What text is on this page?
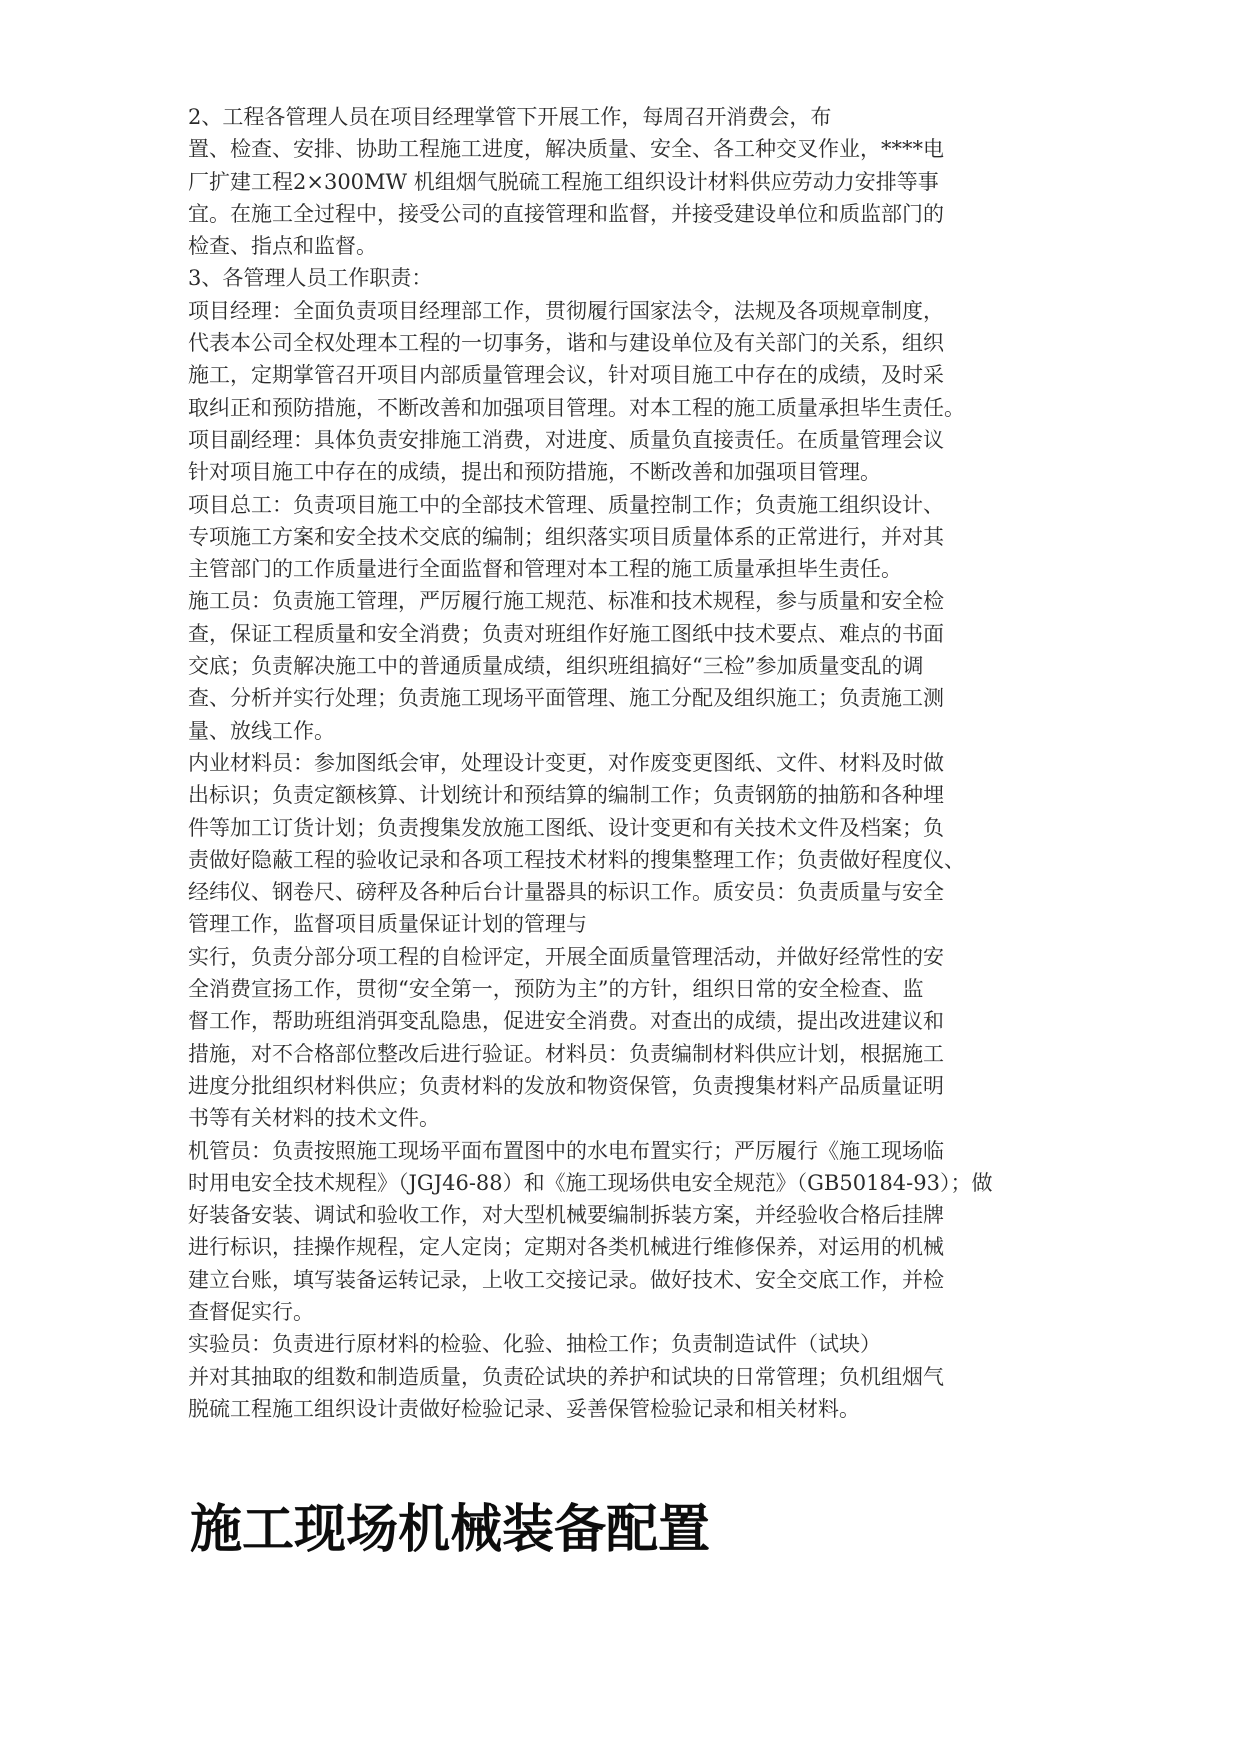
2、工程各管理人员在项目经理掌管下开展工作，每周召开消费会，布
置、检查、安排、协助工程施工进度，解决质量、安全、各工种交叉作业，****电
厂扩建工程2×300MW 机组烟气脱硫工程施工组织设计材料供应劳动力安排等事
宜。在施工全过程中，接受公司的直接管理和监督，并接受建设单位和质监部门的
检查、指点和监督。
3、各管理人员工作职责：
项目经理：全面负责项目经理部工作，贯彻履行国家法令，法规及各项规章制度，
代表本公司全权处理本工程的一切事务，谐和与建设单位及有关部门的关系，组织
施工，定期掌管召开项目内部质量管理会议，针对项目施工中存在的成绩，及时采
取纠正和预防措施，不断改善和加强项目管理。对本工程的施工质量承担毕生责任。
项目副经理：具体负责安排施工消费，对进度、质量负直接责任。在质量管理会议
针对项目施工中存在的成绩，提出和预防措施，不断改善和加强项目管理。
项目总工：负责项目施工中的全部技术管理、质量控制工作；负责施工组织设计、
专项施工方案和安全技术交底的编制；组织落实项目质量体系的正常进行，并对其
主管部门的工作质量进行全面监督和管理对本工程的施工质量承担毕生责任。
施工员：负责施工管理，严厉履行施工规范、标准和技术规程，参与质量和安全检
查，保证工程质量和安全消费；负责对班组作好施工图纸中技术要点、难点的书面
交底；负责解决施工中的普通质量成绩，组织班组搞好“三检”参加质量变乱的调
查、分析并实行处理；负责施工现场平面管理、施工分配及组织施工；负责施工测
量、放线工作。
内业材料员：参加图纸会审，处理设计变更，对作废变更图纸、文件、材料及时做
出标识；负责定额核算、计划统计和预结算的编制工作；负责钢筋的抽筋和各种埋
件等加工订货计划；负责搜集发放施工图纸、设计变更和有关技术文件及档案；负
责做好隐蔽工程的验收记录和各项工程技术材料的搜集整理工作；负责做好程度仪、
经纬仪、钢卷尺、磅秤及各种后台计量器具的标识工作。质安员：负责质量与安全
管理工作，监督项目质量保证计划的管理与
实行，负责分部分项工程的自检评定，开展全面质量管理活动，并做好经常性的安
全消费宣扬工作，贯彻“安全第一，预防为主”的方针，组织日常的安全检查、监
督工作，帮助班组消弭变乱隐患，促进安全消费。对查出的成绩，提出改进建议和
措施，对不合格部位整改后进行验证。材料员：负责编制材料供应计划，根据施工
进度分批组织材料供应；负责材料的发放和物资保管，负责搜集材料产品质量证明
书等有关材料的技术文件。
机管员：负责按照施工现场平面布置图中的水电布置实行；严厉履行《施工现场临
时用电安全技术规程》（JGJ46-88）和《施工现场供电安全规范》（GB50184-93）；做
好装备安装、调试和验收工作，对大型机械要编制拆装方案，并经验收合格后挂牌
进行标识，挂操作规程，定人定岗；定期对各类机械进行维修保养，对运用的机械
建立台账，填写装备运转记录，上收工交接记录。做好技术、安全交底工作，并检
查督促实行。
实验员：负责进行原材料的检验、化验、抽检工作；负责制造试件（试块）
并对其抽取的组数和制造质量，负责砼试块的养护和试块的日常管理；负机组烟气
脱硫工程施工组织设计责做好检验记录、妥善保管检验记录和相关材料。
施工现场机械装备配置
